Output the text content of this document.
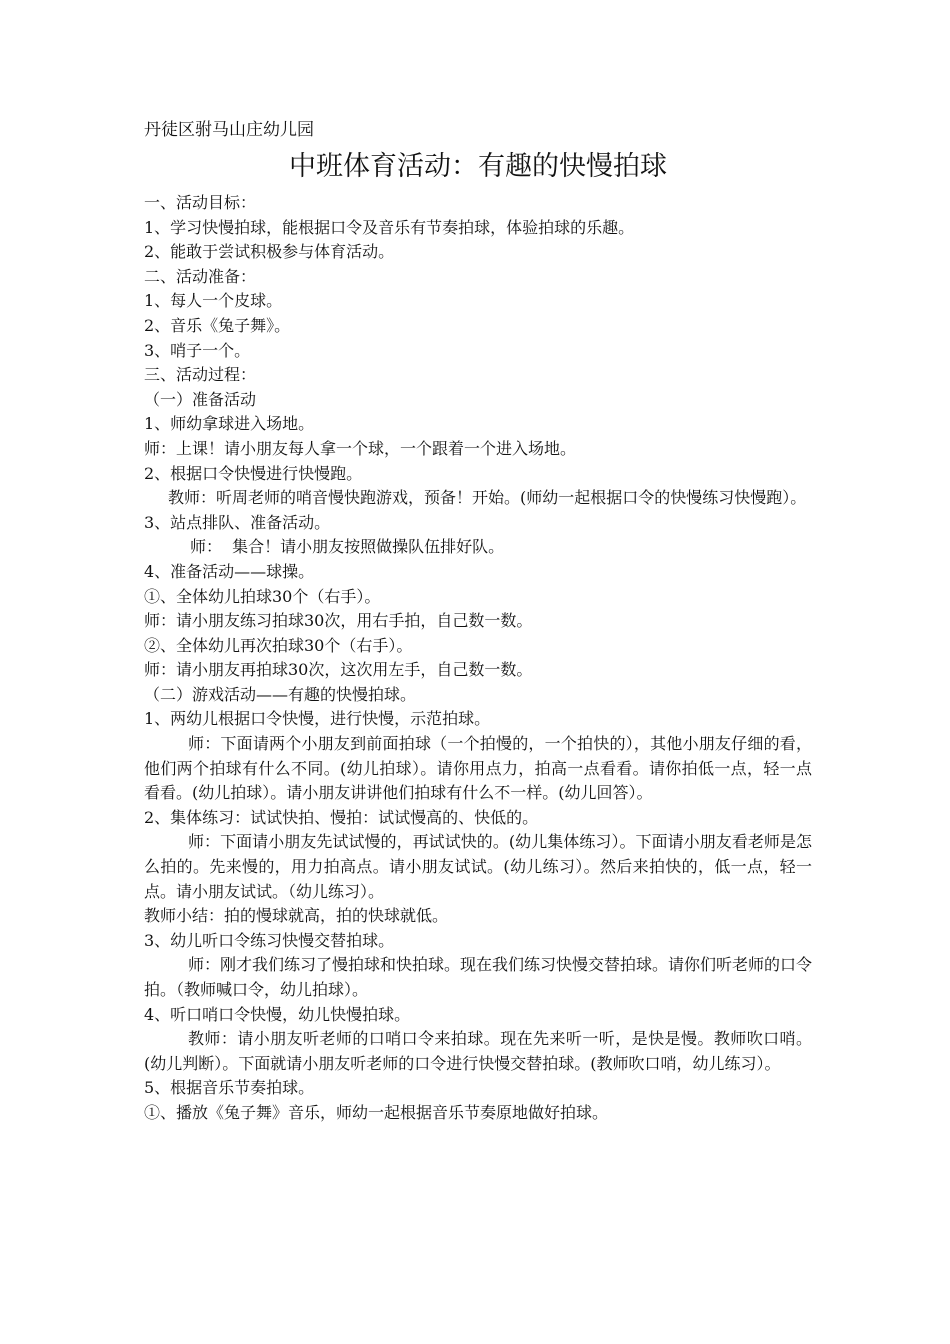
丹徒区驸马山庄幼儿园
中班体育活动：有趣的快慢拍球
一、活动目标：
1、学习快慢拍球，能根据口令及音乐有节奏拍球，体验拍球的乐趣。
2、能敢于尝试积极参与体育活动。
二、活动准备：
1、每人一个皮球。
2、音乐《兔子舞》。
3、哨子一个。
三、活动过程：
（一）准备活动
1、师幼拿球进入场地。
师：上课！请小朋友每人拿一个球，一个跟着一个进入场地。
2、根据口令快慢进行快慢跑。
教师：听周老师的哨音慢快跑游戏，预备！开始。(师幼一起根据口令的快慢练习快慢跑）。
3、站点排队、准备活动。
师：  集合！请小朋友按照做操队伍排好队。
4、准备活动——球操。
①、全体幼儿拍球30个（右手）。
师：请小朋友练习拍球30次，用右手拍，自己数一数。
②、全体幼儿再次拍球30个（右手）。
师：请小朋友再拍球30次，这次用左手，自己数一数。
（二）游戏活动——有趣的快慢拍球。
1、两幼儿根据口令快慢，进行快慢，示范拍球。
师：下面请两个小朋友到前面拍球（一个拍慢的，一个拍快的），其他小朋友仔细的看，他们两个拍球有什么不同。(幼儿拍球）。请你用点力，拍高一点看看。请你拍低一点，轻一点看看。(幼儿拍球）。请小朋友讲讲他们拍球有什么不一样。(幼儿回答）。
2、集体练习：试试快拍、慢拍：试试慢高的、快低的。
师：下面请小朋友先试试慢的，再试试快的。(幼儿集体练习）。下面请小朋友看老师是怎么拍的。先来慢的，用力拍高点。请小朋友试试。(幼儿练习）。然后来拍快的，低一点，轻一点。请小朋友试试。（幼儿练习）。
教师小结：拍的慢球就高，拍的快球就低。
3、幼儿听口令练习快慢交替拍球。
师：刚才我们练习了慢拍球和快拍球。现在我们练习快慢交替拍球。请你们听老师的口令拍。（教师喊口令，幼儿拍球）。
4、听口哨口令快慢，幼儿快慢拍球。
教师：请小朋友听老师的口哨口令来拍球。现在先来听一听，是快是慢。教师吹口哨。(幼儿判断）。下面就请小朋友听老师的口令进行快慢交替拍球。(教师吹口哨，幼儿练习）。
5、根据音乐节奏拍球。
①、播放《兔子舞》音乐，师幼一起根据音乐节奏原地做好拍球。
